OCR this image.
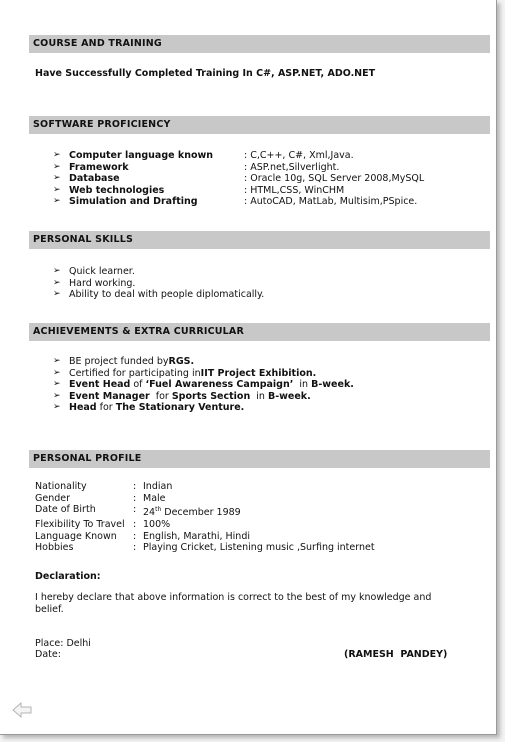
COURSE AND TRAINING
Have Successfully Completed Training In C#, ASP.NET, ADO.NET
SOFTWARE PROFICIENCY
➢ Computer language known	: C,C++, C#, Xml,Java.
➢ Framework	: ASP.net,Silverlight.
➢ Database	: Oracle 10g, SQL Server 2008,MySQL
➢ Web technologies	: HTML,CSS, WinCHM
➢ Simulation and Drafting	: AutoCAD, MatLab, Multisim,PSpice.
PERSONAL SKILLS
➢ Quick learner.
➢ Hard working.
➢ Ability to deal with people diplomatically.
ACHIEVEMENTS & EXTRA CURRICULAR
➢ BE project funded by RGS.
➢ Certified for participating in IIT Project Exhibition.
➢ Event Head of ‘Fuel Awareness Campaign’ in B-week.
➢ Event Manager for Sports Section in B-week.
➢ Head for The Stationary Venture.
PERSONAL PROFILE
Nationality	: Indian
Gender	: Male
Date of Birth	: 24th December 1989
Flexibility To Travel : 100%
Language Known	: English, Marathi, Hindi
Hobbies	: Playing Cricket, Listening music ,Surfing internet
Declaration:
I hereby declare that above information is correct to the best of my knowledge and
belief.
Place: Delhi
Date:	(RAMESH  PANDEY)
